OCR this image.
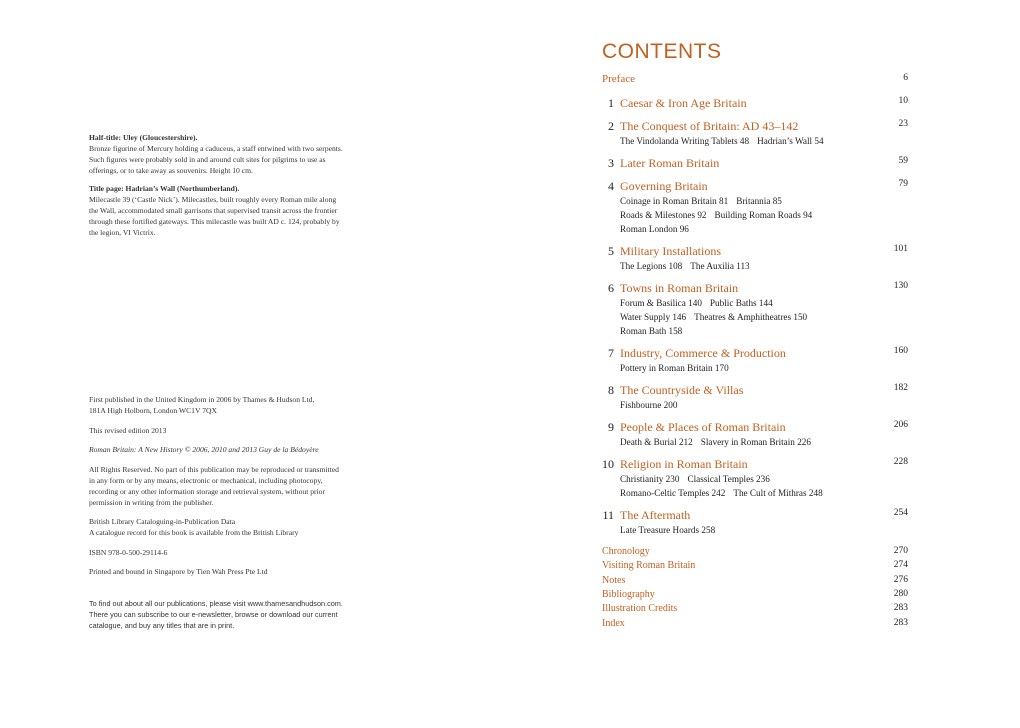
Half-title: Uley (Gloucestershire).
Bronze figurine of Mercury holding a caduceus, a staff entwined with two serpents.
Such figures were probably sold in and around cult sites for pilgrims to use as
offerings, or to take away as souvenirs. Height 10 cm.
Title page: Hadrian’s Wall (Northumberland).
Milecastle 39 (‘Castle Nick’). Milecastles, built roughly every Roman mile along
the Wall, accommodated small garrisons that supervised transit across the frontier
through these fortified gateways. This milecastle was built AD c. 124, probably by
the legion, VI Victrix.

First published in the United Kingdom in 2006 by Thames & Hudson Ltd,
181A High Holborn, London WC1V 7QX

This revised edition 2013

Roman Britain: A New History © 2006, 2010 and 2013 Guy de la Bédoyère

All Rights Reserved. No part of this publication may be reproduced or transmitted
in any form or by any means, electronic or mechanical, including photocopy,
recording or any other information storage and retrieval system, without prior
permission in writing from the publisher.

British Library Cataloguing-in-Publication Data
A catalogue record for this book is available from the British Library

ISBN 978-0-500-29114-6

Printed and bound in Singapore by Tien Wah Press Pte Ltd

To find out about all our publications, please visit www.thamesandhudson.com.
There you can subscribe to our e-newsletter, browse or download our current
catalogue, and buy any titles that are in print.
CONTENTS
Preface	6
1 Caesar & Iron Age Britain	10
2 The Conquest of Britain: AD 43–142	23
The Vindolanda Writing Tablets 48 Hadrian’s Wall 54
3 Later Roman Britain	59
4 Governing Britain	79
Coinage in Roman Britain 81 Britannia 85
Roads & Milestones 92 Building Roman Roads 94
Roman London 96
5 Military Installations	101
The Legions 108 The Auxilia 113
6 Towns in Roman Britain	130
Forum & Basilica 140 Public Baths 144
Water Supply 146 Theatres & Amphitheatres 150
Roman Bath 158
7 Industry, Commerce & Production	160
Pottery in Roman Britain 170
8 The Countryside & Villas	182
Fishbourne 200
9 People & Places of Roman Britain	206
Death & Burial 212 Slavery in Roman Britain 226
10 Religion in Roman Britain	228
Christianity 230 Classical Temples 236
Romano-Celtic Temples 242 The Cult of Mithras 248
11 The Aftermath	254
Late Treasure Hoards 258
Chronology	270
Visiting Roman Britain	274
Notes	276
Bibliography	280
Illustration Credits	283
Index	283
